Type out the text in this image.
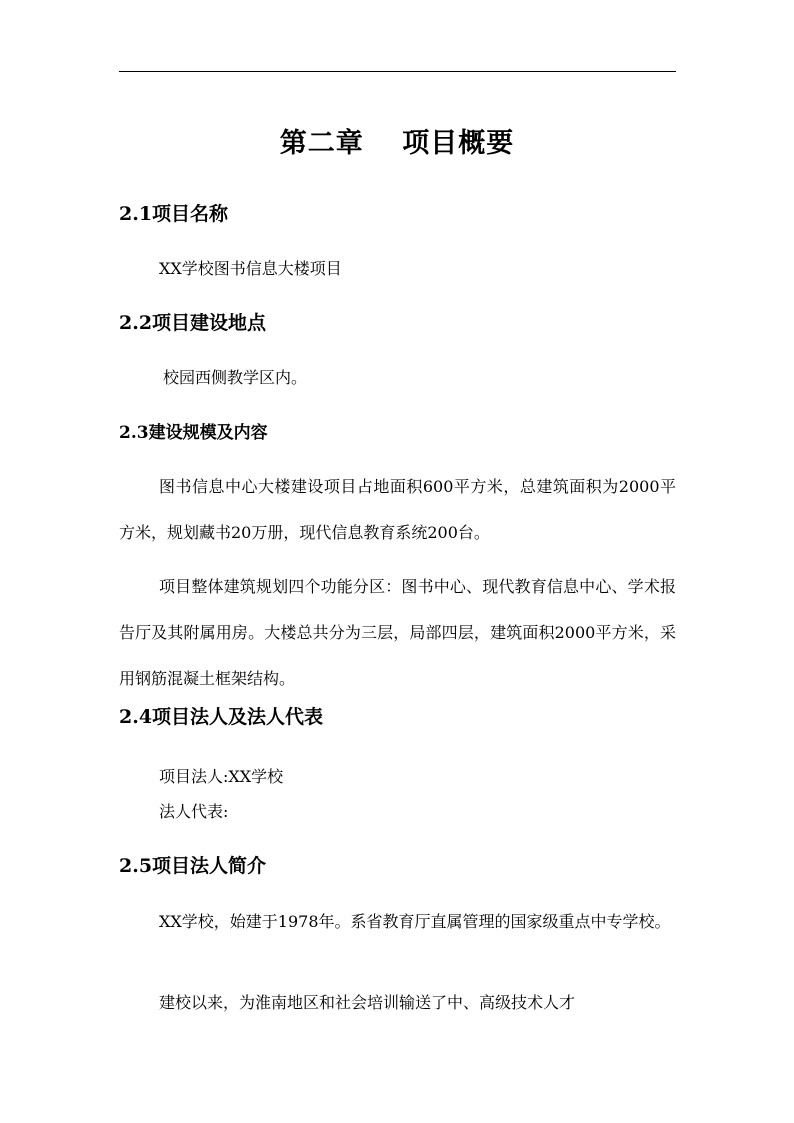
第二章　 项目概要
2.1项目名称
XX学校图书信息大楼项目
2.2项目建设地点
校园西侧教学区内。
2.3建设规模及内容

图书信息中心大楼建设项目占地面积600平方米，总建筑面积为2000平方米，规划藏书20万册，现代信息教育系统200台。

项目整体建筑规划四个功能分区：图书中心、现代教育信息中心、学术报告厅及其附属用房。大楼总共分为三层，局部四层，建筑面积2000平方米，采用钢筋混凝土框架结构。

2.4项目法人及法人代表
项目法人:XX学校
法人代表:
2.5项目法人简介

XX学校，始建于1978年。系省教育厅直属管理的国家级重点中专学校。

建校以来，为淮南地区和社会培训输送了中、高级技术人才
